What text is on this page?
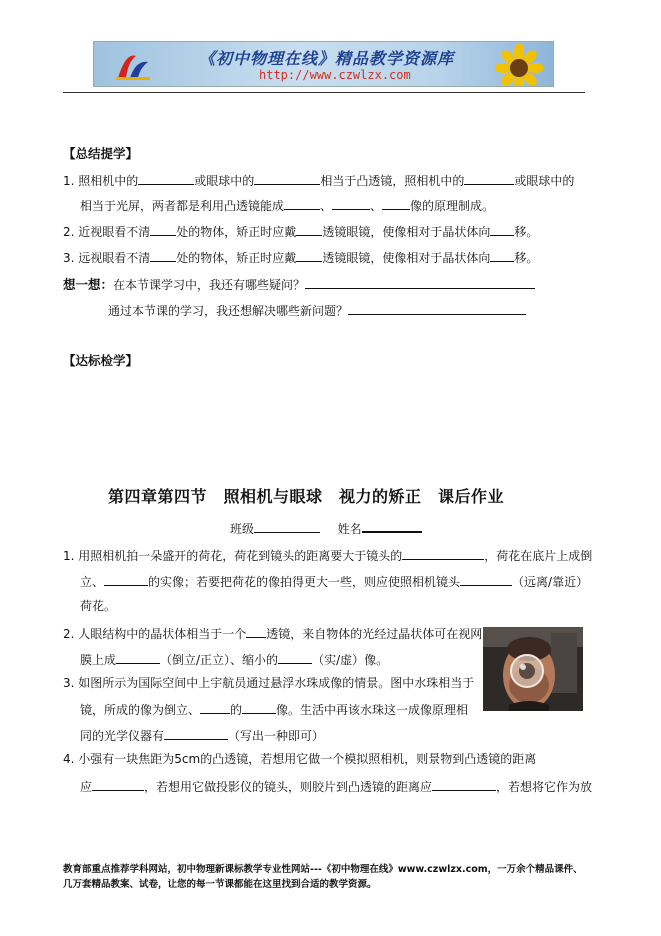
《初中物理在线》精品教学资源库
http://www.czwlzx.com
【总结提学】
1. 照相机中的	或眼球中的	相当于凸透镜，照相机中的	或眼球中的
相当于光屏，两者都是利用凸透镜能成	、	、 像的原理制成。
2. 近视眼看不清 处的物体，矫正时应戴 透镜眼镜，使像相对于晶状体向 移。
3. 远视眼看不清 处的物体，矫正时应戴 透镜眼镜，使像相对于晶状体向 移。
想一想：在本节课学习中，我还有哪些疑问？
通过本节课的学习，我还想解决哪些新问题？
【达标检学】
第四章第四节　照相机与眼球　视力的矫正　课后作业
班级	姓名
1. 用照相机拍一朵盛开的荷花，荷花到镜头的距离要大于镜头的	，荷花在底片上成倒
立、	的实像；若要把荷花的像拍得更大一些，则应使照相机镜头	（远离/靠近）
荷花。
2. 人眼结构中的晶状体相当于一个 透镜，来自物体的光经过晶状体可在视网
膜上成	（倒立/正立）、缩小的	（实/虚）像。
3. 如图所示为国际空间中上宇航员通过悬浮水珠成像的情景。图中水珠相当于
镜，所成的像为倒立、	的	像。生活中再该水珠这一成像原理相
同的光学仪器有	（写出一种即可）
4. 小强有一块焦距为5cm的凸透镜，若想用它做一个模拟照相机，则景物到凸透镜的距离
应	，若想用它做投影仪的镜头，则胶片到凸透镜的距离应	，若想将它作为放
教育部重点推荐学科网站，初中物理新课标教学专业性网站---《初中物理在线》www.czwlzx.com，一万余个精品课件、
几万套精品教案、试卷，让您的每一节课都能在这里找到合适的教学资源。
